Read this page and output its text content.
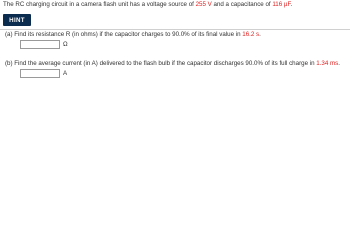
The RC charging circuit in a camera flash unit has a voltage source of 255 V and a capacitance of 116 µF.
HINT
(a) Find its resistance R (in ohms) if the capacitor charges to 90.0% of its final value in 16.2 s.
Ω
(b) Find the average current (in A) delivered to the flash bulb if the capacitor discharges 90.0% of its full charge in 1.34 ms.
A
